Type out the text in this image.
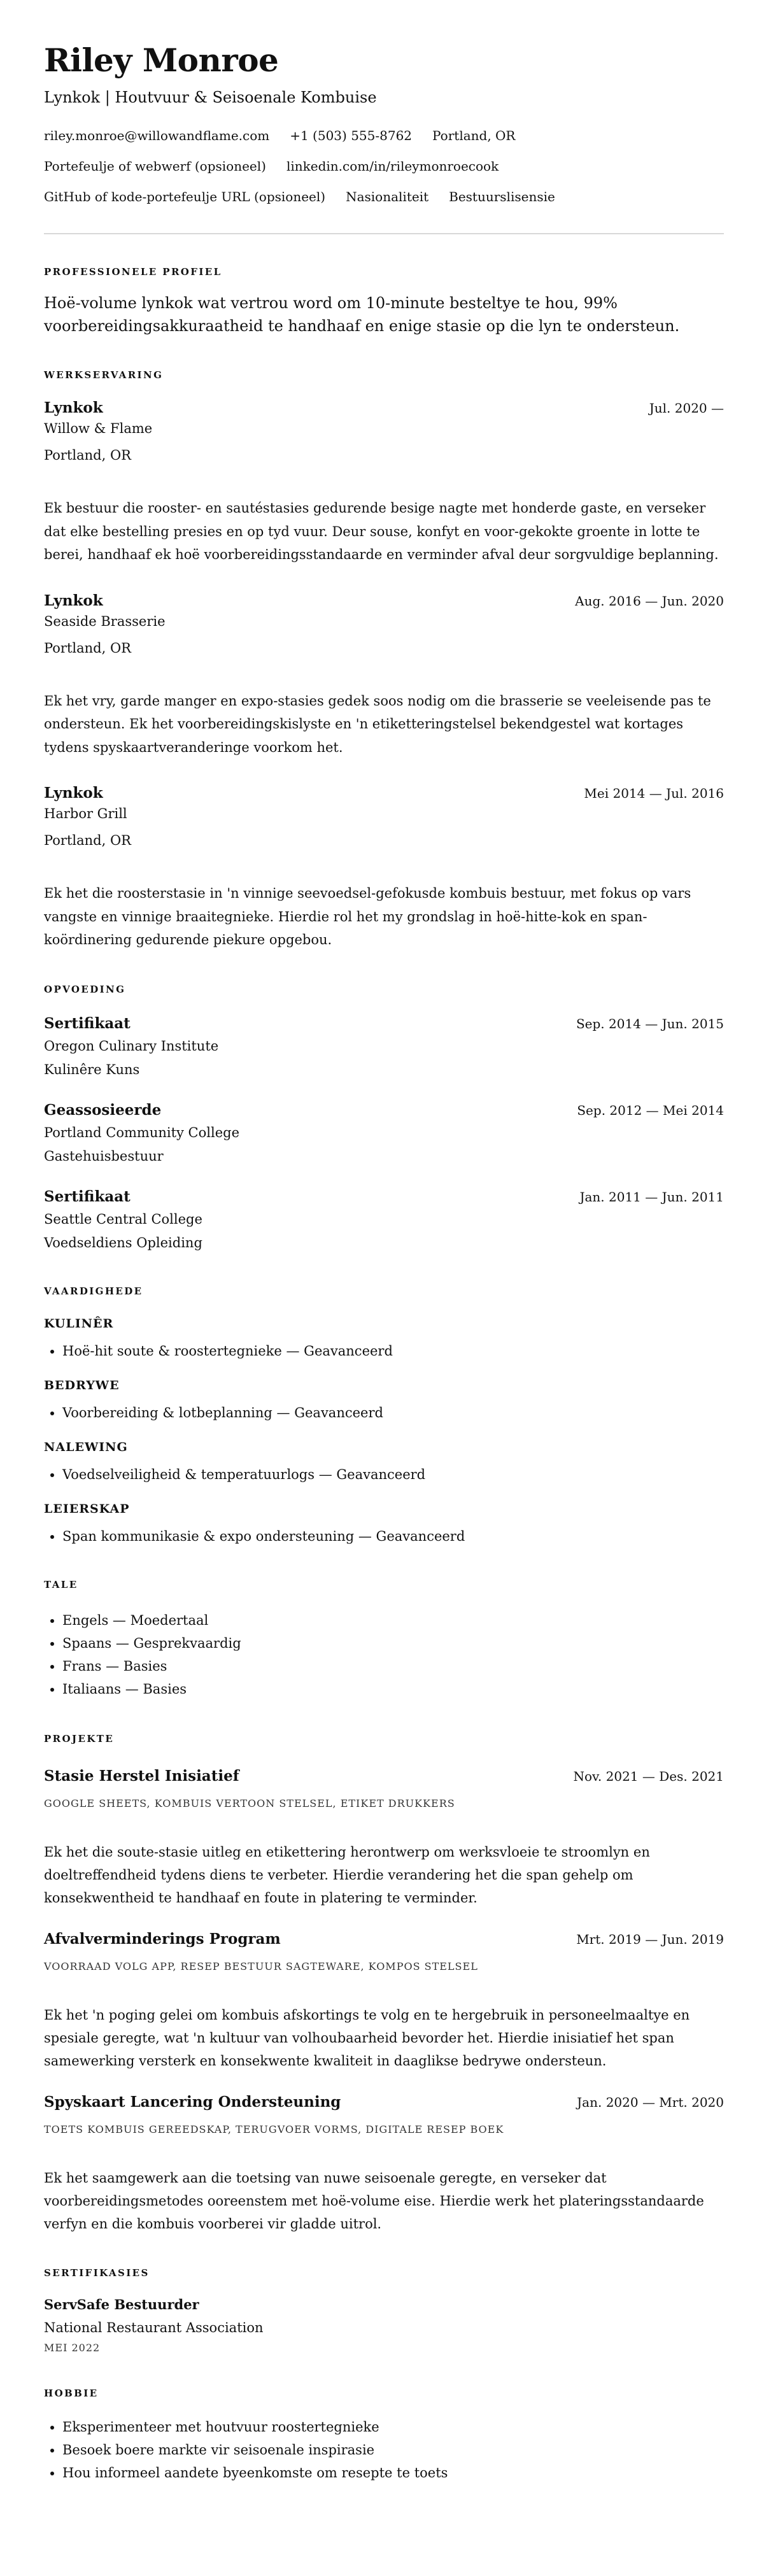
Riley Monroe
Lynkok | Houtvuur & Seisoenale Kombuise
riley.monroe@willowandflame.com +1 (503) 555-8762 Portland, OR
Portefeulje of webwerf (opsioneel) linkedin.com/in/rileymonroecook
GitHub of kode-portefeulje URL (opsioneel) Nasionaliteit Bestuurslisensie
PROFESSIONELE PROFIEL
Hoë-volume lynkok wat vertrou word om 10-minute besteltye te hou, 99% voorbereidingsakkuraatheid te handhaaf en enige stasie op die lyn te ondersteun.
WERKSERVARING
Lynkok	Jul. 2020 —
Willow & Flame
Portland, OR
Ek bestuur die rooster- en sautéstasies gedurende besige nagte met honderde gaste, en verseker dat elke bestelling presies en op tyd vuur. Deur souse, konfyt en voor-gekokte groente in lotte te berei, handhaaf ek hoë voorbereidingsstandaarde en verminder afval deur sorgvuldige beplanning.
Lynkok	Aug. 2016 — Jun. 2020
Seaside Brasserie
Portland, OR
Ek het vry, garde manger en expo-stasies gedek soos nodig om die brasserie se veeleisende pas te ondersteun. Ek het voorbereidingskislyste en 'n etiketteringstelsel bekendgestel wat kortages tydens spyskaartveranderinge voorkom het.
Lynkok	Mei 2014 — Jul. 2016
Harbor Grill
Portland, OR
Ek het die roosterstasie in 'n vinnige seevoedsel-gefokusde kombuis bestuur, met fokus op vars vangste en vinnige braaitegnieke. Hierdie rol het my grondslag in hoë-hitte-kok en span-koördinering gedurende piekure opgebou.
OPVOEDING
Sertifikaat	Sep. 2014 — Jun. 2015
Oregon Culinary Institute
Kulinêre Kuns
Geassosieerde	Sep. 2012 — Mei 2014
Portland Community College
Gastehuisbestuur
Sertifikaat	Jan. 2011 — Jun. 2011
Seattle Central College
Voedseldiens Opleiding
VAARDIGHEDE
KULINÊR
• Hoë-hit soute & roostertegnieke — Geavanceerd
BEDRYWE
• Voorbereiding & lotbeplanning — Geavanceerd
NALEWING
• Voedselveiligheid & temperatuurlogs — Geavanceerd
LEIERSKAP
• Span kommunikasie & expo ondersteuning — Geavanceerd
TALE
• Engels — Moedertaal
• Spaans — Gesprekvaardig
• Frans — Basies
• Italiaans — Basies
PROJEKTE
Stasie Herstel Inisiatief	Nov. 2021 — Des. 2021
GOOGLE SHEETS, KOMBUIS VERTOON STELSEL, ETIKET DRUKKERS
Ek het die soute-stasie uitleg en etikettering herontwerp om werksvloeie te stroomlyn en doeltreffendheid tydens diens te verbeter. Hierdie verandering het die span gehelp om konsekwentheid te handhaaf en foute in platering te verminder.
Afvalverminderings Program	Mrt. 2019 — Jun. 2019
VOORRAAD VOLG APP, RESEP BESTUUR SAGTEWARE, KOMPOS STELSEL
Ek het 'n poging gelei om kombuis afskortings te volg en te hergebruik in personeelmaaltye en spesiale geregte, wat 'n kultuur van volhoubaarheid bevorder het. Hierdie inisiatief het span samewerking versterk en konsekwente kwaliteit in daaglikse bedrywe ondersteun.
Spyskaart Lancering Ondersteuning	Jan. 2020 — Mrt. 2020
TOETS KOMBUIS GEREEDSKAP, TERUGVOER VORMS, DIGITALE RESEP BOEK
Ek het saamgewerk aan die toetsing van nuwe seisoenale geregte, en verseker dat voorbereidingsmetodes ooreenstem met hoë-volume eise. Hierdie werk het plateringsstandaarde verfyn en die kombuis voorberei vir gladde uitrol.
SERTIFIKASIES
ServSafe Bestuurder
National Restaurant Association
MEI 2022
HOBBIE
• Eksperimenteer met houtvuur roostertegnieke
• Besoek boere markte vir seisoenale inspirasie
• Hou informeel aandete byeenkomste om resepte te toets
